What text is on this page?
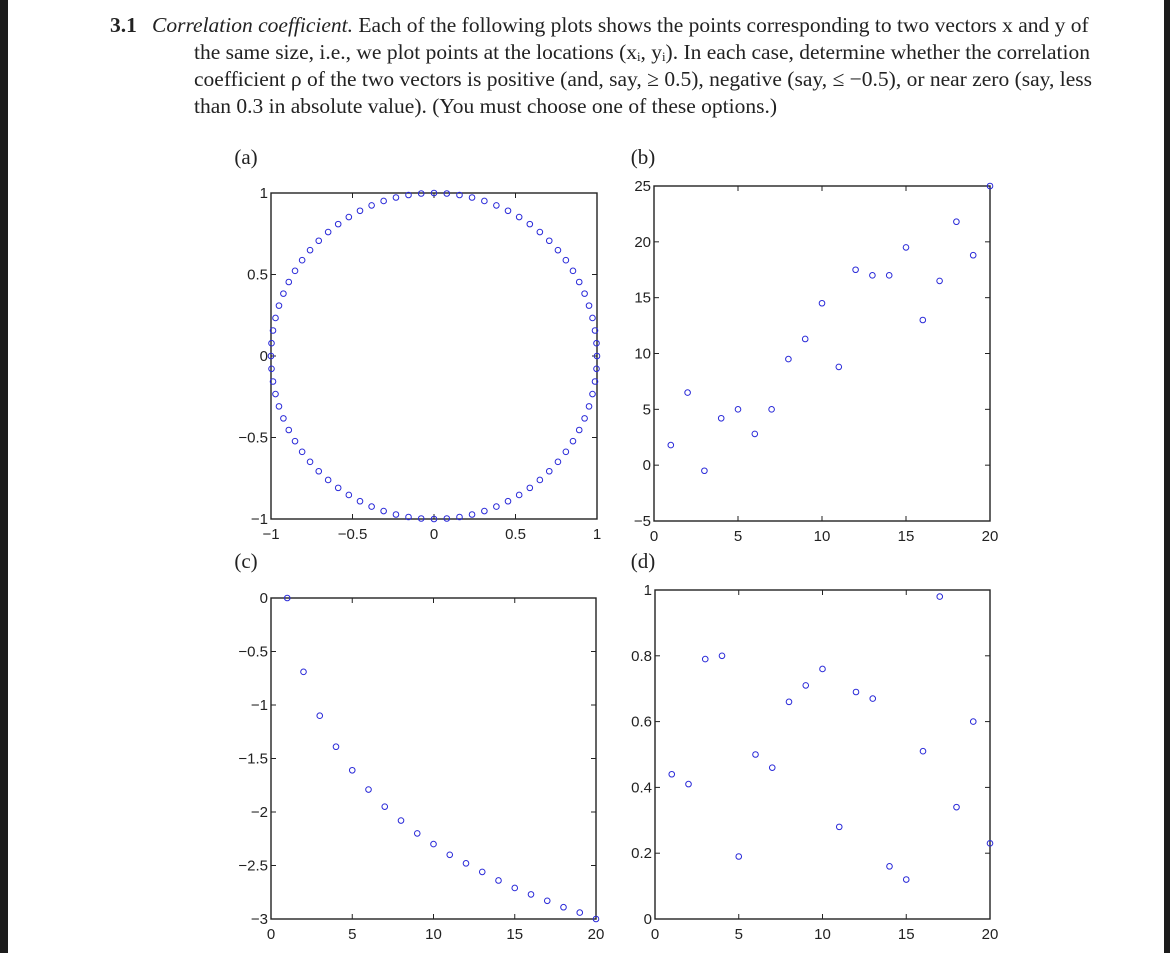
3.1 Correlation coefficient. Each of the following plots shows the points corresponding to two vectors x and y of the same size, i.e., we plot points at the locations (xᵢ, yᵢ). In each case, determine whether the correlation coefficient ρ of the two vectors is positive (and, say, ≥ 0.5), negative (say, ≤ −0.5), or near zero (say, less than 0.3 in absolute value). (You must choose one of these options.)

(a)
−1	−0.5	0	0.5	1
−1
−0.5
0
0.5
1
(b)
0	5	10	15	20
−5
0
5
10
15
20
25
(c)
0	5	10	15	20
−3
−2.5
−2
−1.5
−1
−0.5
0
(d)
0	5	10	15	20
0
0.2
0.4
0.6
0.8
1
